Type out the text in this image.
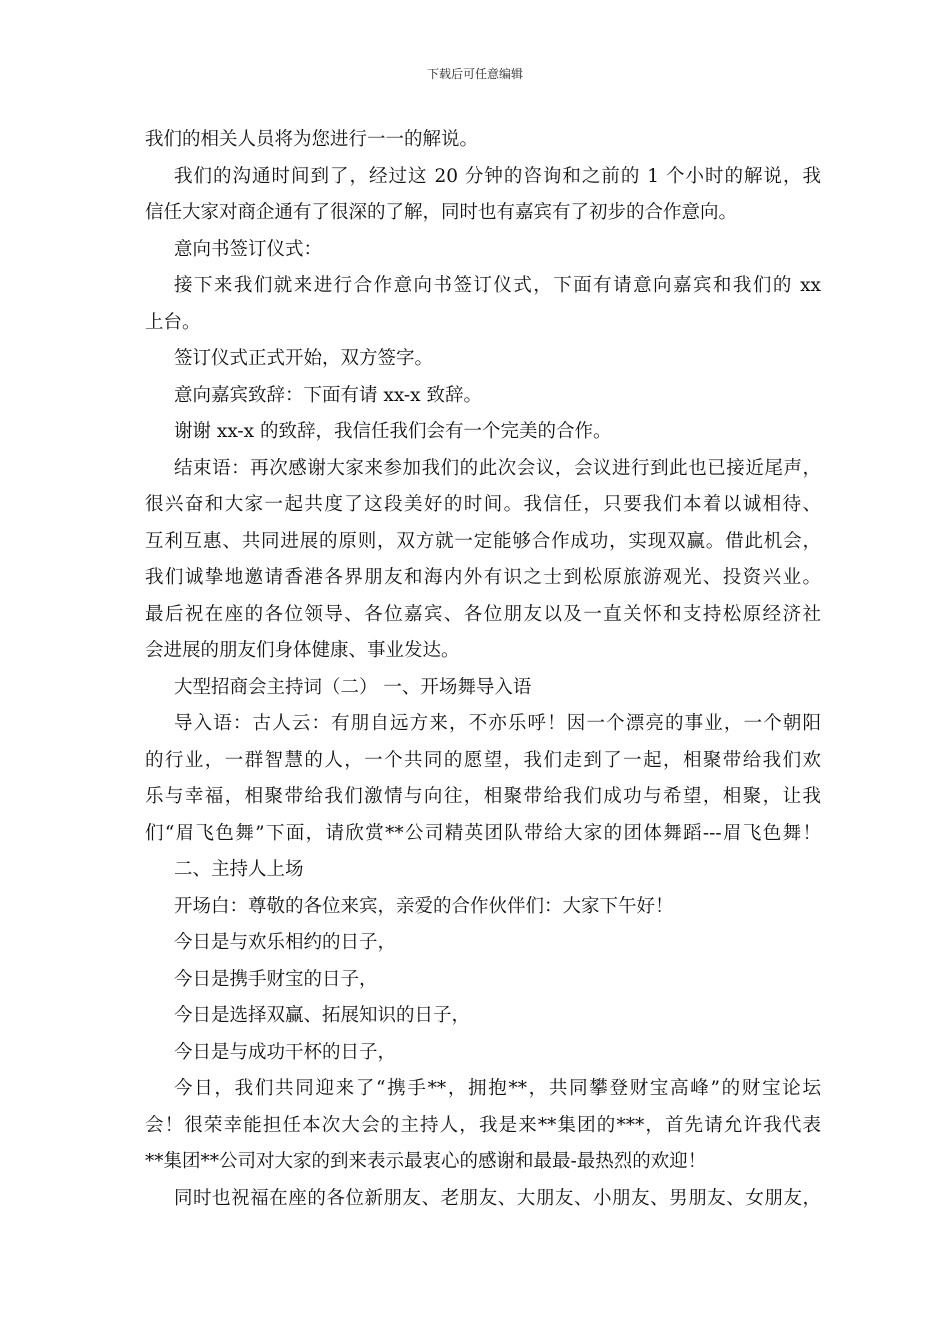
下载后可任意编辑
我们的相关人员将为您进行一一的解说。
我们的沟通时间到了，经过这 20 分钟的咨询和之前的 1 个小时的解说，我
信任大家对商企通有了很深的了解，同时也有嘉宾有了初步的合作意向。
意向书签订仪式：
接下来我们就来进行合作意向书签订仪式，下面有请意向嘉宾和我们的 xx
上台。
签订仪式正式开始，双方签字。
意向嘉宾致辞：下面有请 xx-x 致辞。
谢谢 xx-x 的致辞，我信任我们会有一个完美的合作。
结束语：再次感谢大家来参加我们的此次会议，会议进行到此也已接近尾声，
很兴奋和大家一起共度了这段美好的时间。我信任，只要我们本着以诚相待、
互利互惠、共同进展的原则，双方就一定能够合作成功，实现双赢。借此机会，
我们诚挚地邀请香港各界朋友和海内外有识之士到松原旅游观光、投资兴业。
最后祝在座的各位领导、各位嘉宾、各位朋友以及一直关怀和支持松原经济社
会进展的朋友们身体健康、事业发达。
大型招商会主持词（二） 一、开场舞导入语
导入语：古人云：有朋自远方来，不亦乐呼！因一个漂亮的事业，一个朝阳
的行业，一群智慧的人，一个共同的愿望，我们走到了一起，相聚带给我们欢
乐与幸福，相聚带给我们激情与向往，相聚带给我们成功与希望，相聚，让我
们“眉飞色舞”下面，请欣赏**公司精英团队带给大家的团体舞蹈---眉飞色舞！
二、主持人上场
开场白：尊敬的各位来宾，亲爱的合作伙伴们：大家下午好！
今日是与欢乐相约的日子，
今日是携手财宝的日子，
今日是选择双赢、拓展知识的日子，
今日是与成功干杯的日子，
今日，我们共同迎来了“携手**，拥抱**，共同攀登财宝高峰”的财宝论坛
会！很荣幸能担任本次大会的主持人，我是来**集团的***，首先请允许我代表
**集团**公司对大家的到来表示最衷心的感谢和最最-最热烈的欢迎！
同时也祝福在座的各位新朋友、老朋友、大朋友、小朋友、男朋友、女朋友，
